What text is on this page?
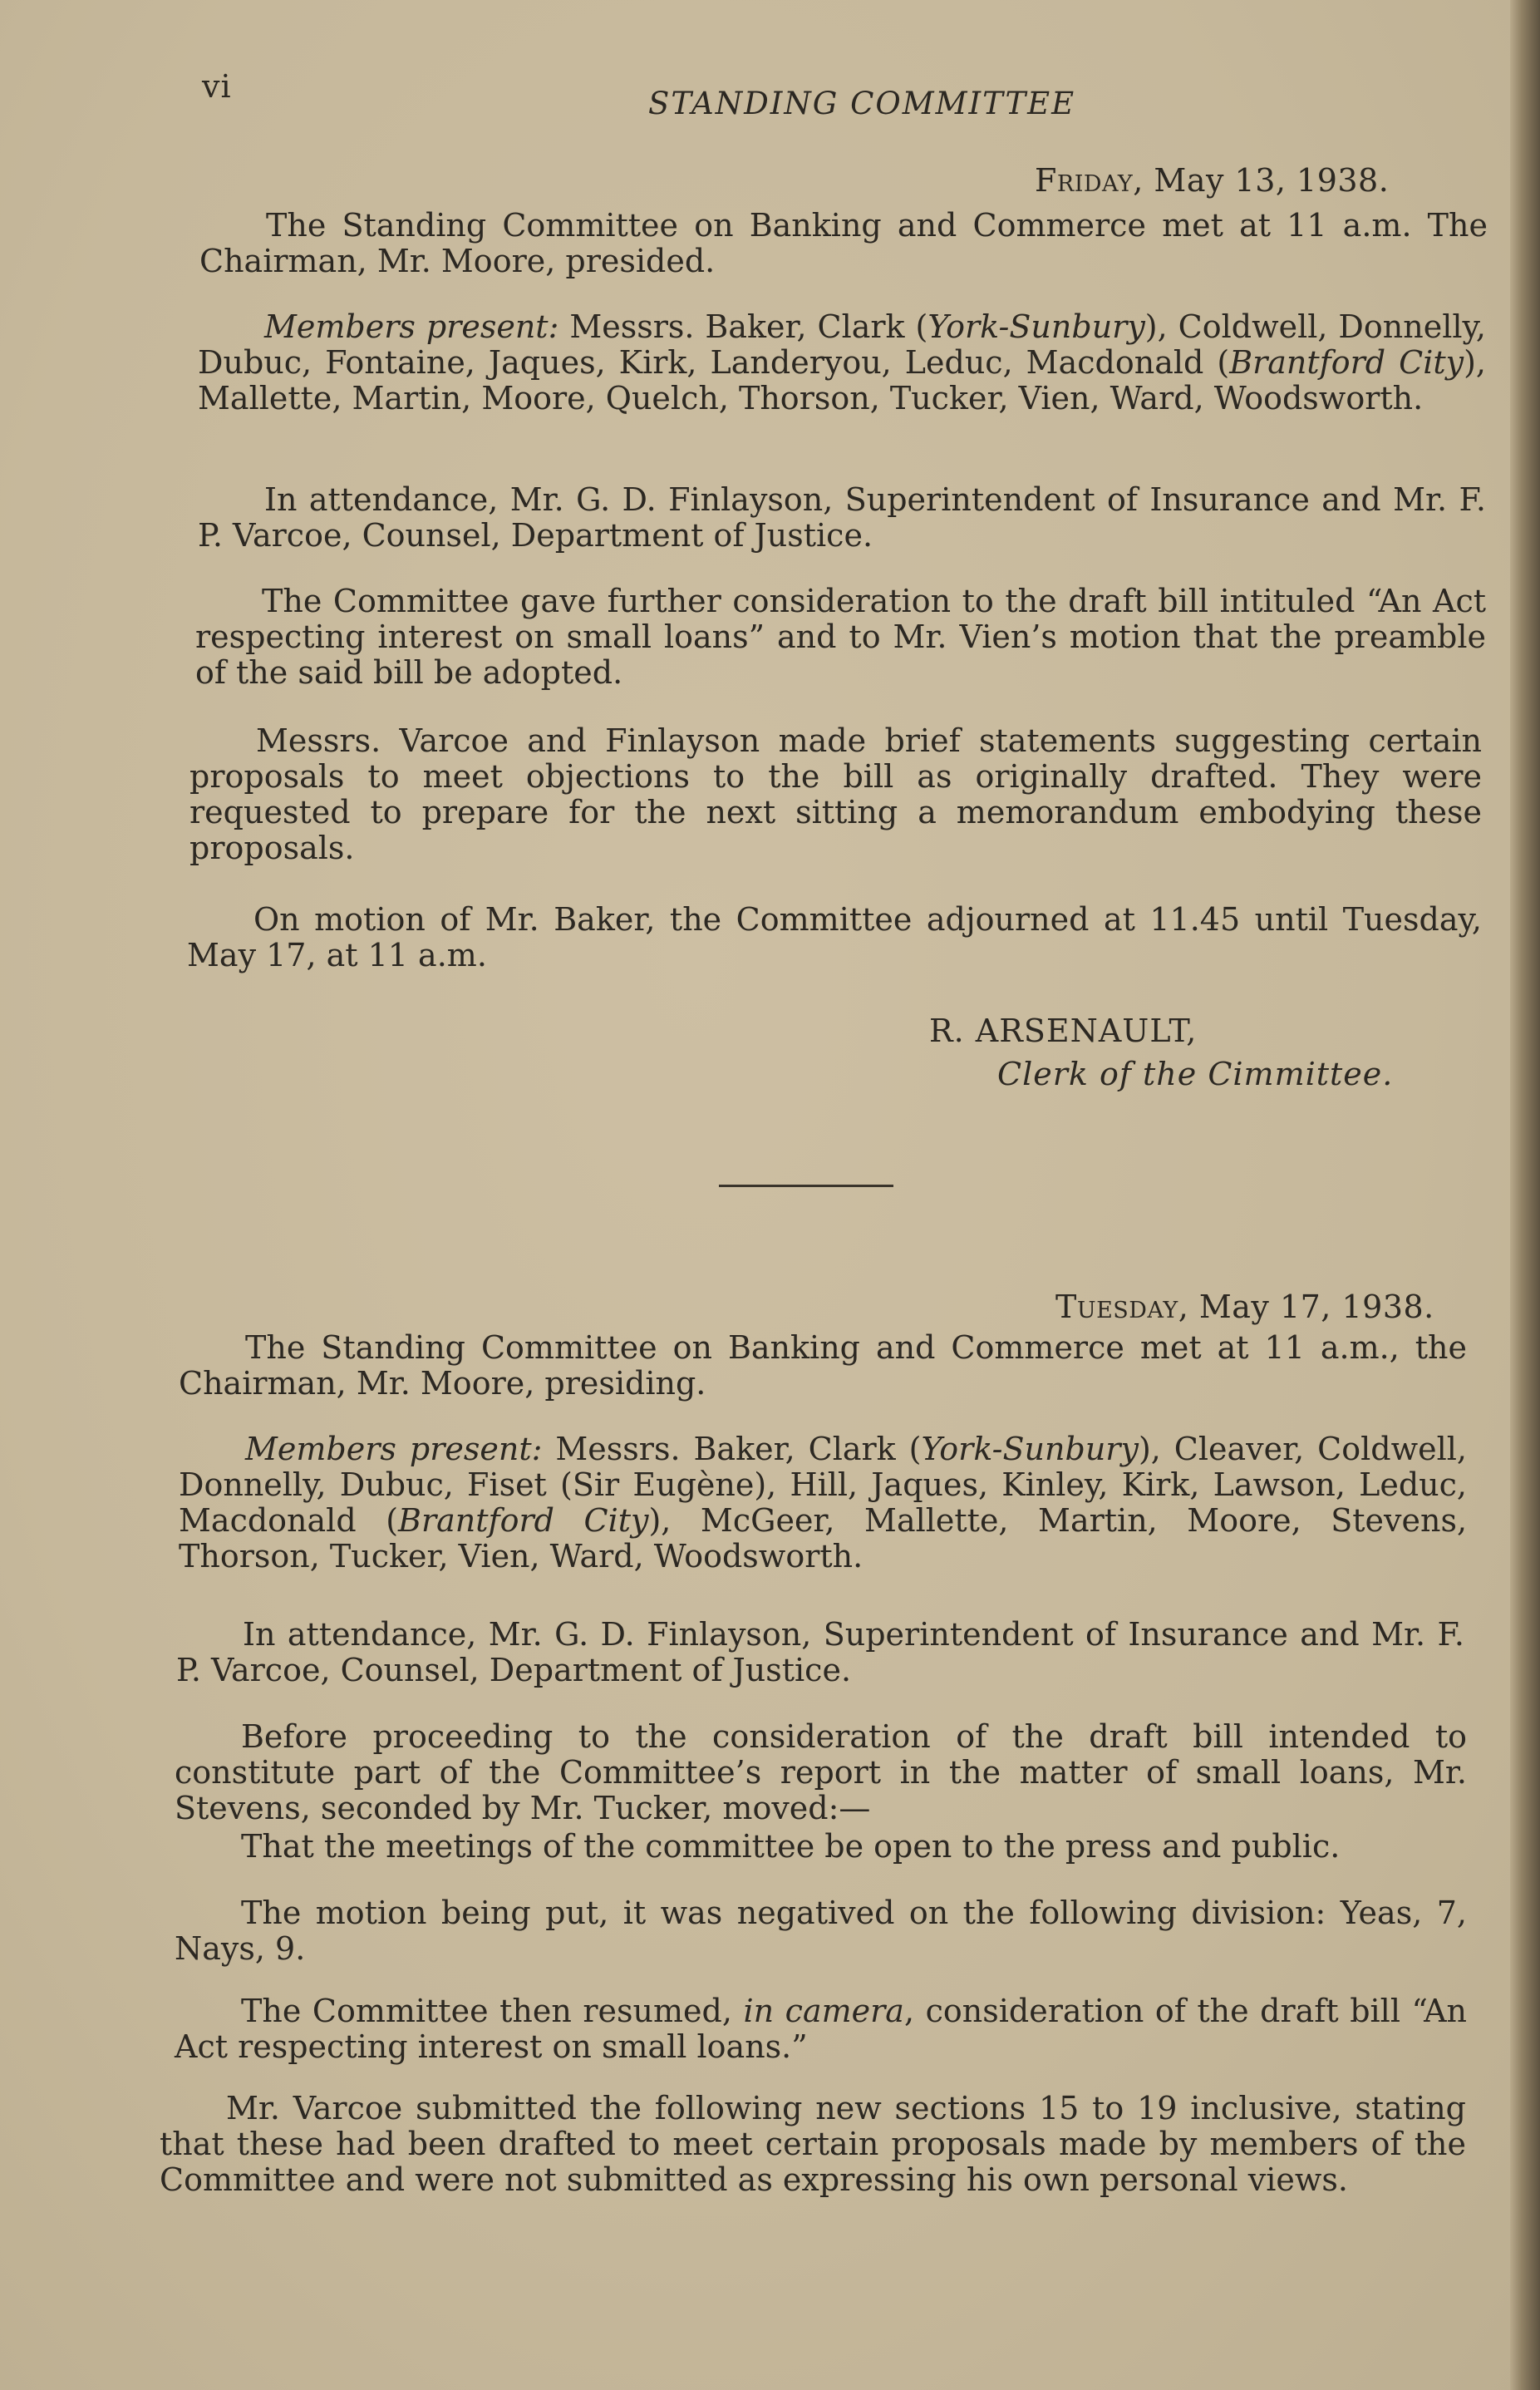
vi	STANDING COMMITTEE
Friday, May 13, 1938.
The Standing Committee on Banking and Commerce met at 11 a.m. The Chairman, Mr. Moore, presided.
Members present: Messrs. Baker, Clark (York-Sunbury), Coldwell, Donnelly, Dubuc, Fontaine, Jaques, Kirk, Landeryou, Leduc, Macdonald (Brantford City), Mallette, Martin, Moore, Quelch, Thorson, Tucker, Vien, Ward, Woodsworth.
In attendance, Mr. G. D. Finlayson, Superintendent of Insurance and Mr. F. P. Varcoe, Counsel, Department of Justice.
The Committee gave further consideration to the draft bill intituled “An Act respecting interest on small loans” and to Mr. Vien’s motion that the preamble of the said bill be adopted.
Messrs. Varcoe and Finlayson made brief statements suggesting certain proposals to meet objections to the bill as originally drafted. They were requested to prepare for the next sitting a memorandum embodying these proposals.
On motion of Mr. Baker, the Committee adjourned at 11.45 until Tuesday, May 17, at 11 a.m.
R. ARSENAULT,
Clerk of the Cimmittee.
Tuesday, May 17, 1938.
The Standing Committee on Banking and Commerce met at 11 a.m., the Chairman, Mr. Moore, presiding.
Members present: Messrs. Baker, Clark (York-Sunbury), Cleaver, Coldwell, Donnelly, Dubuc, Fiset (Sir Eugène), Hill, Jaques, Kinley, Kirk, Lawson, Leduc, Macdonald (Brantford City), McGeer, Mallette, Martin, Moore, Stevens, Thorson, Tucker, Vien, Ward, Woodsworth.
In attendance, Mr. G. D. Finlayson, Superintendent of Insurance and Mr. F. P. Varcoe, Counsel, Department of Justice.
Before proceeding to the consideration of the draft bill intended to constitute part of the Committee’s report in the matter of small loans, Mr. Stevens, seconded by Mr. Tucker, moved:—
That the meetings of the committee be open to the press and public.
The motion being put, it was negatived on the following division: Yeas, 7, Nays, 9.
The Committee then resumed, in camera, consideration of the draft bill “An Act respecting interest on small loans.”
Mr. Varcoe submitted the following new sections 15 to 19 inclusive, stating that these had been drafted to meet certain proposals made by members of the Committee and were not submitted as expressing his own personal views.
